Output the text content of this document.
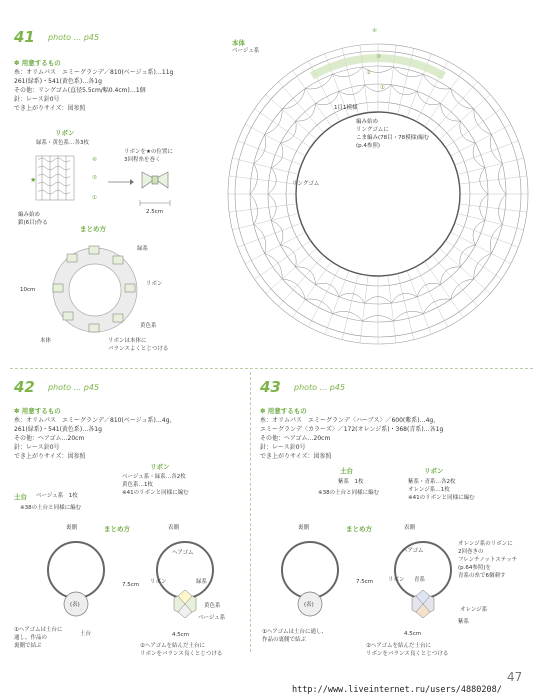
41 photo ... p45
✽ 用意するもの
糸：オリムパス　エミーグランデ／810(ベージュ系)…11g
261(緑系)・541(黄色系)…各1g
その他：リングゴム(直径5.5cm/幅0.4cm)…1個
針：レース針0号
でき上がりサイズ：図参照
リボン
緑系・黄色系…各3枚
リボンを★の位置に
3回程糸を巻く
★
⑥
⑤
①
編み始め
鎖(6目)作る
2.5cm
まとめ方
緑系
リボン
黄色系
本体
10cm
リボンは本体に
バランスよくとじつける
本体
ベージュ系
④
③
②
①
1目1模様
編み始め
リングゴムに
こま編み(78目・78模様)編む
(p.4参照)
リングゴム
42 photo ... p45
✽ 用意するもの
糸：オリムパス　エミーグランデ／810(ベージュ系)…4g、
261(緑系)・541(黄色系)…各1g
その他：ヘアゴム…20cm
針：レース針0号
でき上がりサイズ：図参照
リボン
ベージュ系・緑系…各2枚
黄色系…1枚
※41のリボンと同様に編む
土台 ベージュ系　1枚
※38の土台と同様に編む
まとめ方
裏側	表側
(表)
土台
①ヘアゴムは土台に
通し、作品の
裏側で結ぶ
ヘアゴム
7.5cm リボン	緑系
黄色系
ベージュ系
4.5cm
②ヘアゴムを結んだ土台に
リボンをバランス良くとじつける
43 photo ... p45
✽ 用意するもの
糸：オリムパス　エミーグランデ〈ハーブス〉／600(紫系)…4g、
エミーグランデ〈カラーズ〉／172(オレンジ系)・368(青系)…各1g
その他：ヘアゴム…20cm
針：レース針0号
でき上がりサイズ：図参照
土台
紫系　1枚
※38の土台と同様に編む
リボン
紫系・青系…各2枚
オレンジ系…1枚
※41のリボンと同様に編む
まとめ方
裏側	表側
(表)
①ヘアゴムは土台に通し、
作品の裏側で結ぶ
ヘアゴム
7.5cm	リボン 青系
オレンジ系
紫系
4.5cm
オレンジ系のリボンに
2回巻きの
フレンチノットステッチ
(p.64参照)を
青系の糸で6個刺す
②ヘアゴムを結んだ土台に
リボンをバランス良くとじつける
47
http://www.liveinternet.ru/users/4880208/
